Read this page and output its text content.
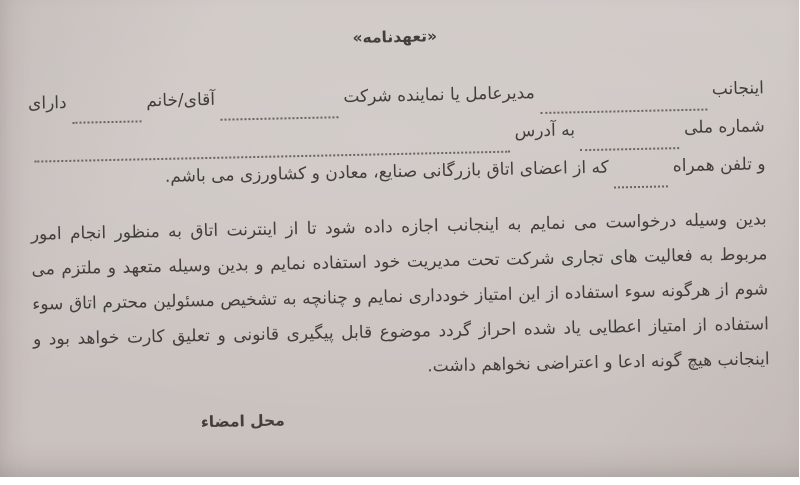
«تعهدنامه»
اینجانب
مدیرعامل یا نماینده شرکت
آقای/خانم
دارای
شماره ملی
به آدرس
و تلفن همراه
که از اعضای اتاق بازرگانی صنایع، معادن و کشاورزی می باشم.

بدین وسیله درخواست می نمایم به اینجانب اجازه داده شود تا از اینترنت اتاق به منظور انجام امور مربوط به فعالیت های تجاری شرکت تحت مدیریت خود استفاده نمایم و بدین وسیله متعهد و ملتزم می شوم از هرگونه سوء استفاده از این امتیاز خودداری نمایم و چنانچه به تشخیص مسئولین محترم اتاق سوء استفاده از امتیاز اعطایی یاد شده احراز گردد موضوع قابل پیگیری قانونی و تعلیق کارت خواهد بود و اینجانب هیچ گونه ادعا و اعتراضی نخواهم داشت.

محل امضاء
